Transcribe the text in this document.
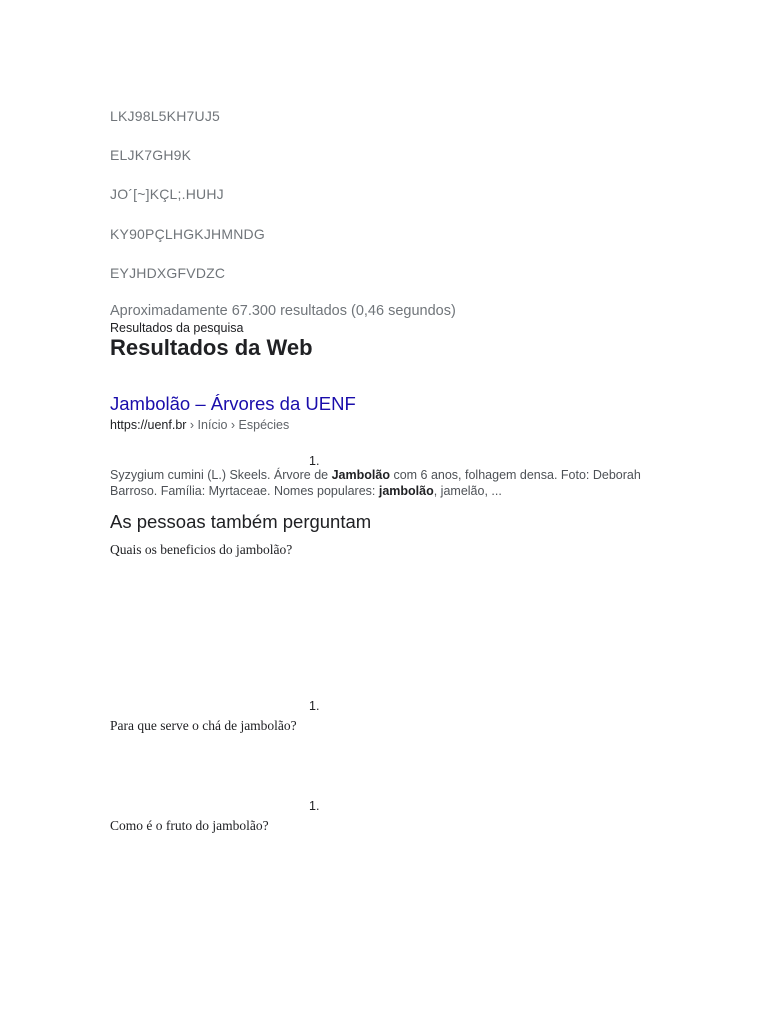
LKJ98L5KH7UJ5
ELJK7GH9K
JO´[~]KÇL;.HUHJ
KY90PÇLHGKJHMNDG
EYJHDXGFVDZC
Aproximadamente 67.300 resultados (0,46 segundos)
Resultados da pesquisa
Resultados da Web
Jambolão – Árvores da UENF
https://uenf.br › Início › Espécies
1.
Syzygium cumini (L.) Skeels. Árvore de Jambolão com 6 anos, folhagem densa. Foto: Deborah Barroso. Família: Myrtaceae. Nomes populares: jambolão, jamelão, ...
As pessoas também perguntam
Quais os beneficios do jambolão?
1.
Para que serve o chá de jambolão?
1.
Como é o fruto do jambolão?
